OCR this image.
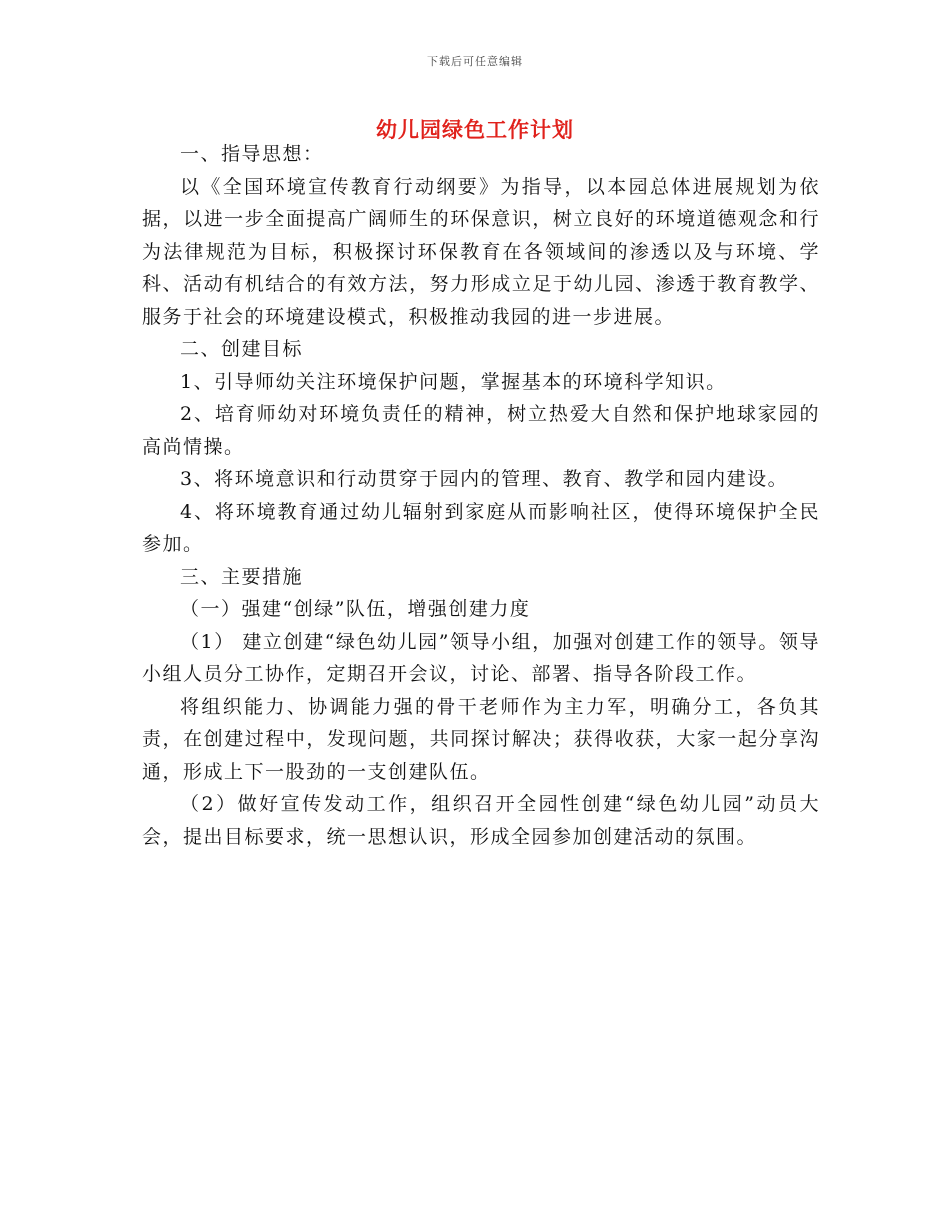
下载后可任意编辑
幼儿园绿色工作计划

一、指导思想：

以《全国环境宣传教育行动纲要》为指导，以本园总体进展规划为依据，以进一步全面提高广阔师生的环保意识，树立良好的环境道德观念和行为法律规范为目标，积极探讨环保教育在各领域间的渗透以及与环境、学科、活动有机结合的有效方法，努力形成立足于幼儿园、渗透于教育教学、服务于社会的环境建设模式，积极推动我园的进一步进展。

二、创建目标

1、引导师幼关注环境保护问题，掌握基本的环境科学知识。

2、培育师幼对环境负责任的精神，树立热爱大自然和保护地球家园的高尚情操。

3、将环境意识和行动贯穿于园内的管理、教育、教学和园内建设。

4、将环境教育通过幼儿辐射到家庭从而影响社区，使得环境保护全民参加。

三、主要措施

（一）强建“创绿”队伍，增强创建力度

（1） 建立创建“绿色幼儿园”领导小组，加强对创建工作的领导。领导小组人员分工协作，定期召开会议，讨论、部署、指导各阶段工作。

将组织能力、协调能力强的骨干老师作为主力军，明确分工，各负其责，在创建过程中，发现问题，共同探讨解决；获得收获，大家一起分享沟通，形成上下一股劲的一支创建队伍。

（2）做好宣传发动工作，组织召开全园性创建“绿色幼儿园”动员大会，提出目标要求，统一思想认识，形成全园参加创建活动的氛围。
